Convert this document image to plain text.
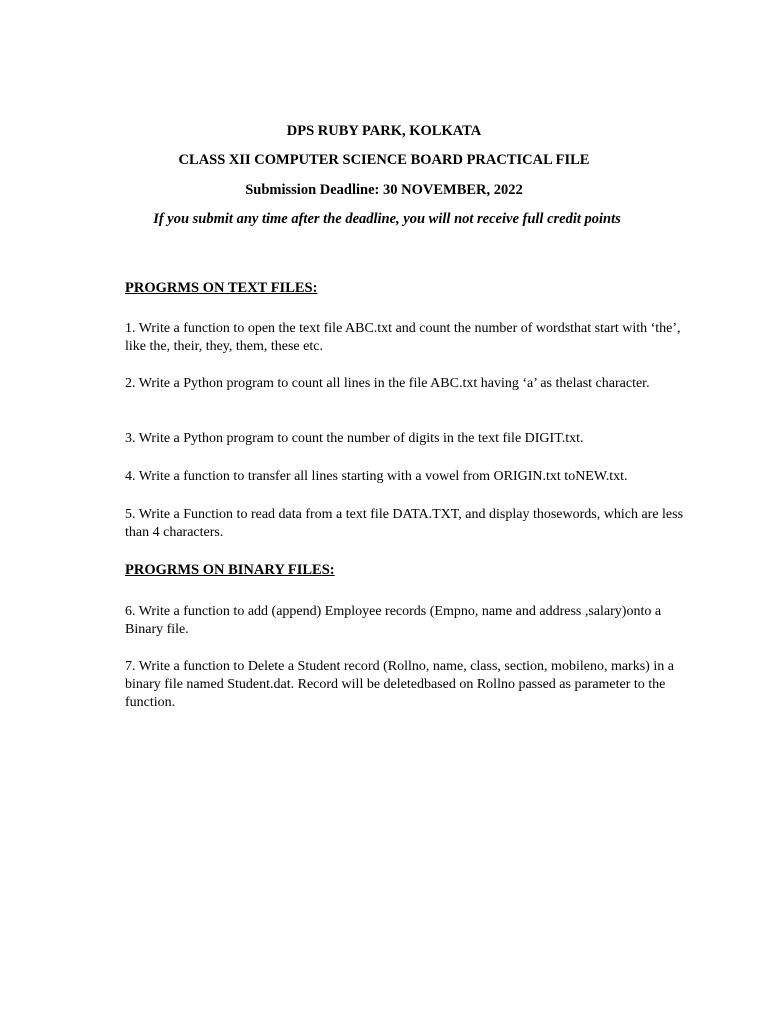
DPS RUBY PARK, KOLKATA
CLASS XII COMPUTER SCIENCE BOARD PRACTICAL FILE
Submission Deadline: 30 NOVEMBER, 2022
If you submit any time after the deadline, you will not receive full credit points
PROGRMS ON TEXT FILES:
1. Write a function to open the text file ABC.txt and count the number of wordsthat start with ‘the’, like the, their, they, them, these etc.
2. Write a Python program to count all lines in the file ABC.txt having ‘a’ as thelast character.
3. Write a Python program to count the number of digits in the text file DIGIT.txt.
4. Write a function to transfer all lines starting with a vowel from ORIGIN.txt toNEW.txt.
5. Write a Function to read data from a text file DATA.TXT, and display thosewords, which are less than 4 characters.
PROGRMS ON BINARY FILES:
6. Write a function to add (append) Employee records (Empno, name and address ,salary)onto a Binary file.
7. Write a function to Delete a Student record (Rollno, name, class, section, mobileno, marks) in a binary file named Student.dat. Record will be deletedbased on Rollno passed as parameter to the function.
